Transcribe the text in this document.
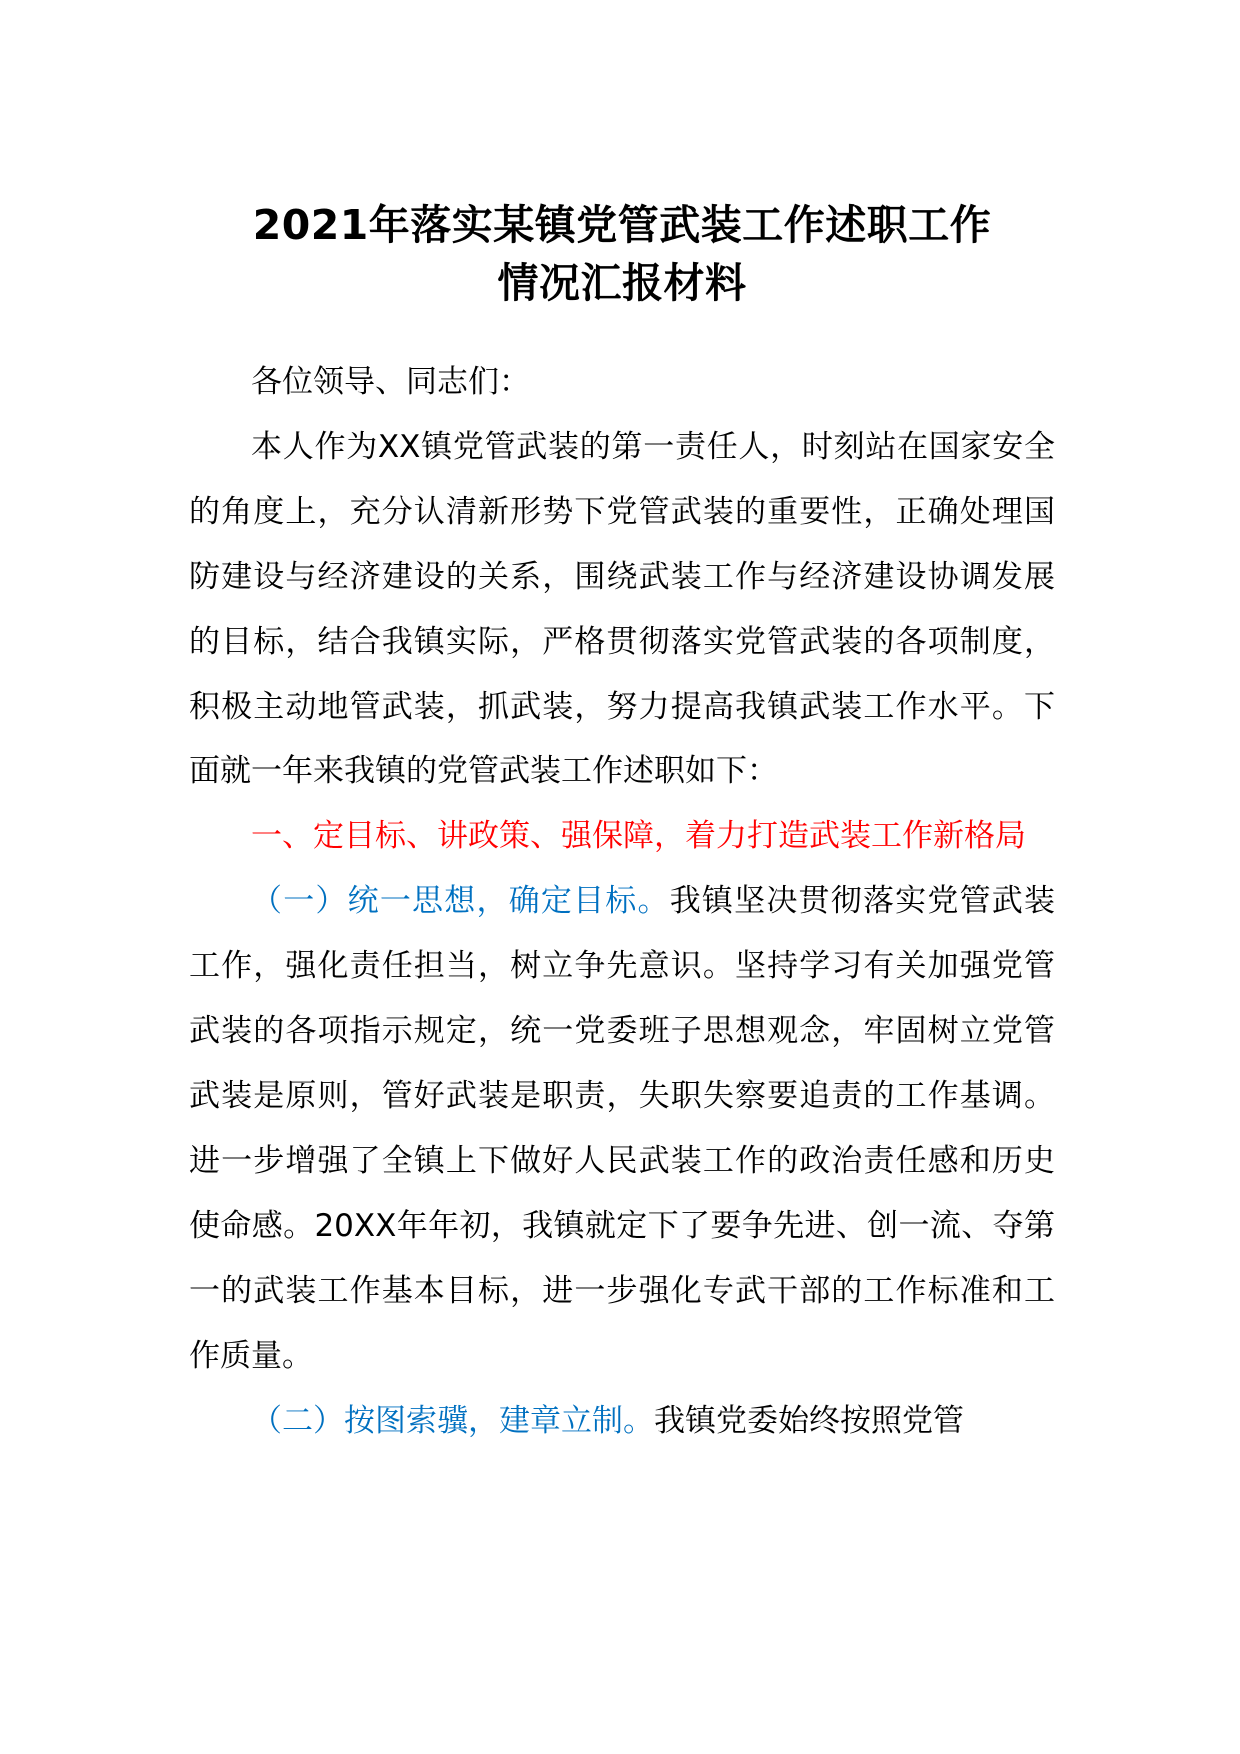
2021年落实某镇党管武装工作述职工作
情况汇报材料

各位领导、同志们：

本人作为XX镇党管武装的第一责任人，时刻站在国家安全的角度上，充分认清新形势下党管武装的重要性，正确处理国防建设与经济建设的关系，围绕武装工作与经济建设协调发展的目标，结合我镇实际，严格贯彻落实党管武装的各项制度，积极主动地管武装，抓武装，努力提高我镇武装工作水平。下面就一年来我镇的党管武装工作述职如下：

一、定目标、讲政策、强保障，着力打造武装工作新格局

（一）统一思想，确定目标。我镇坚决贯彻落实党管武装工作，强化责任担当，树立争先意识。坚持学习有关加强党管武装的各项指示规定，统一党委班子思想观念，牢固树立党管武装是原则，管好武装是职责，失职失察要追责的工作基调。进一步增强了全镇上下做好人民武装工作的政治责任感和历史使命感。20XX年年初，我镇就定下了要争先进、创一流、夺第一的武装工作基本目标，进一步强化专武干部的工作标准和工作质量。

（二）按图索骥，建章立制。我镇党委始终按照党管
